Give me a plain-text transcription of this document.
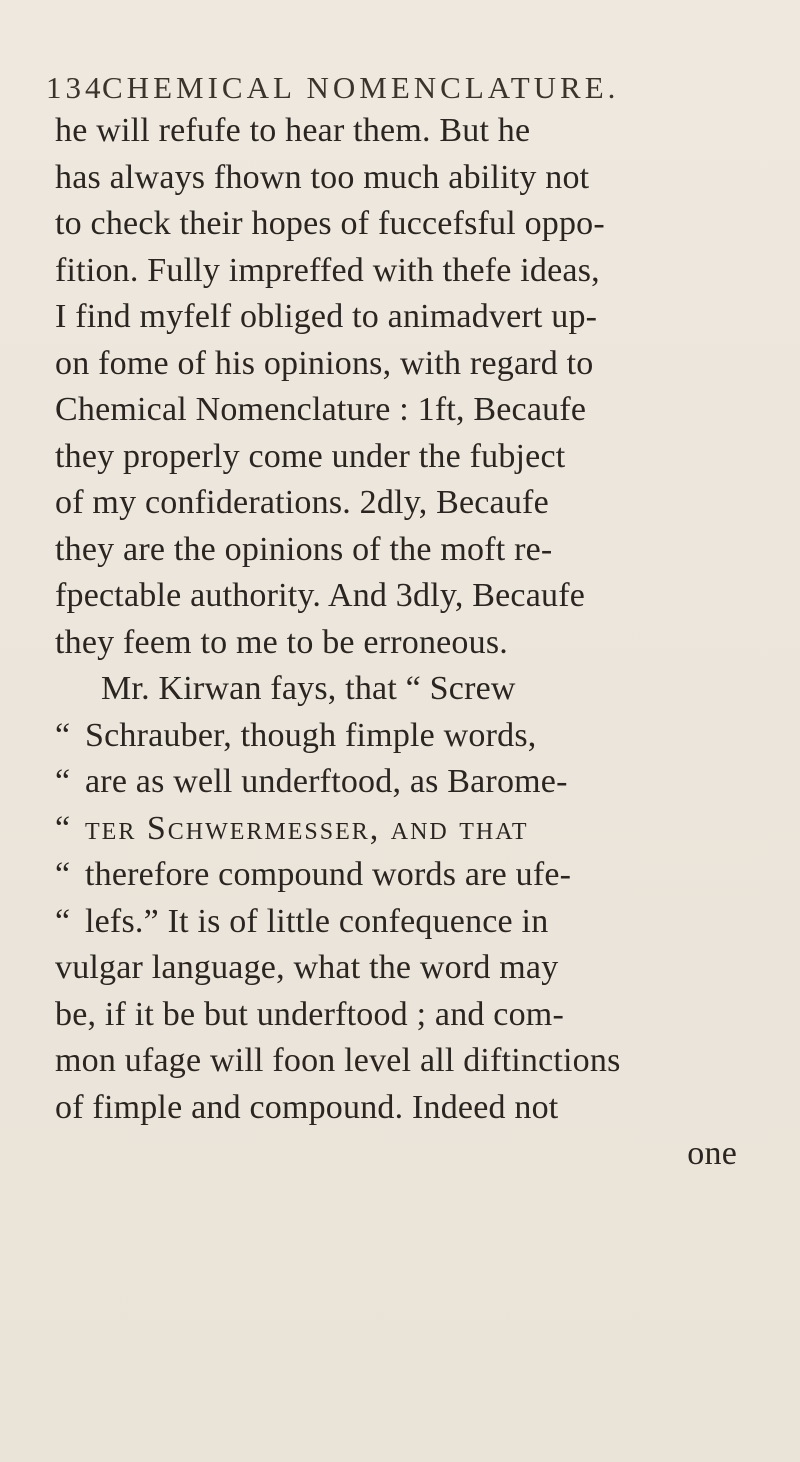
134CHEMICAL NOMENCLATURE.
he will refufe to hear them. But he
has always fhown too much ability not
to check their hopes of fuccefsful oppo-
fition. Fully impreffed with thefe ideas,
I find myfelf obliged to animadvert up-
on fome of his opinions, with regard to
Chemical Nomenclature : 1ft, Becaufe
they properly come under the fubject
of my confiderations. 2dly, Becaufe
they are the opinions of the moft re-
fpectable authority. And 3dly, Becaufe
they feem to me to be erroneous.
Mr. Kirwan fays, that “ Screw
“ Schrauber, though fimple words,
“ are as well underftood, as Barome-
“ ter Schwermesser, and that
“ therefore compound words are ufe-
“ lefs.” It is of little confequence in
vulgar language, what the word may
be, if it be but underftood ; and com-
mon ufage will foon level all diftinctions
of fimple and compound. Indeed not
one
